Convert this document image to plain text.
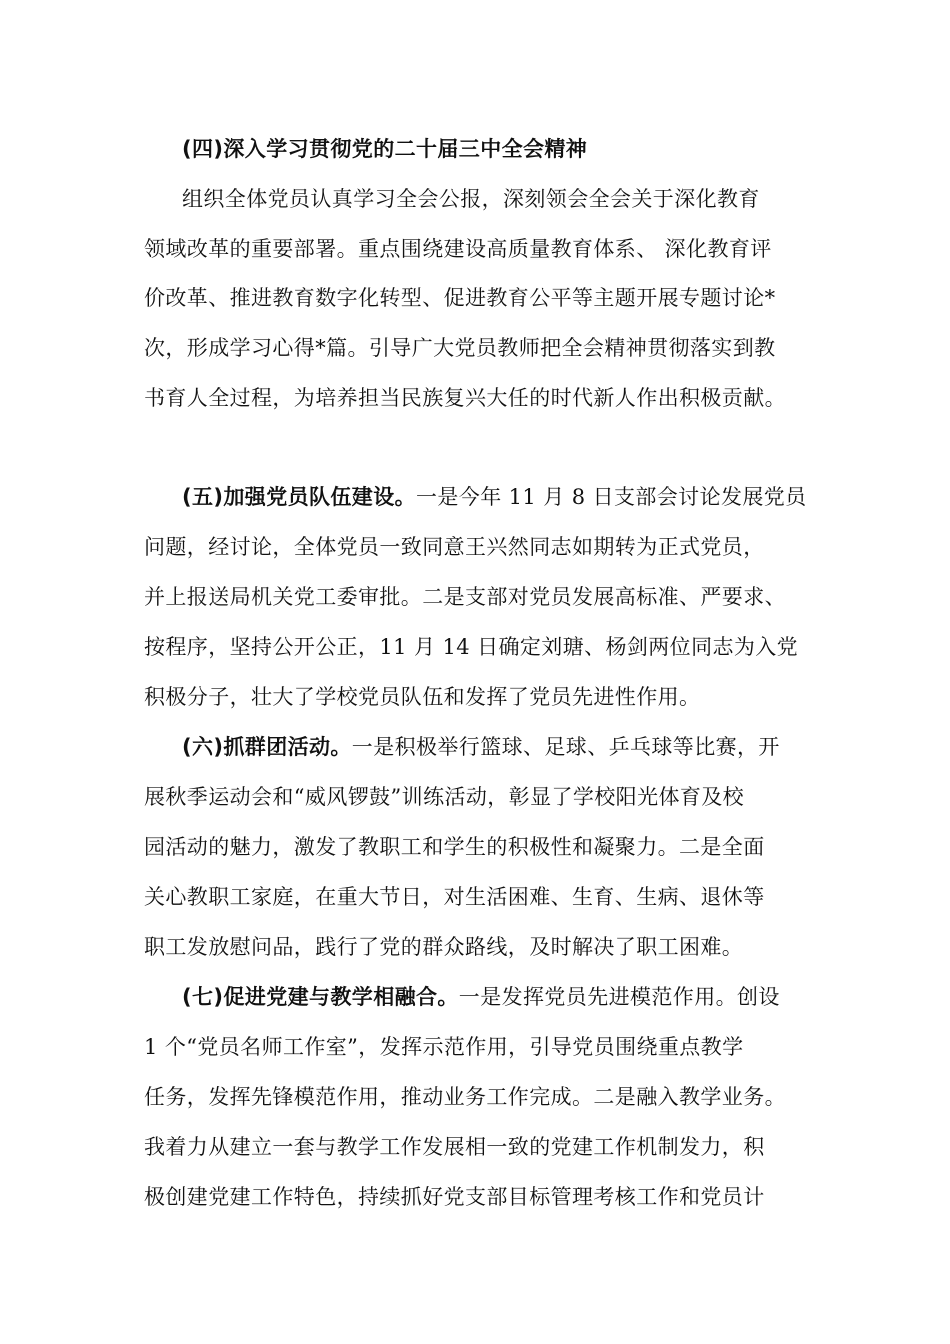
(四)深入学习贯彻党的二十届三中全会精神
组织全体党员认真学习全会公报，深刻领会全会关于深化教育
领域改革的重要部署。重点围绕建设高质量教育体系、 深化教育评
价改革、推进教育数字化转型、促进教育公平等主题开展专题讨论*
次，形成学习心得*篇。引导广大党员教师把全会精神贯彻落实到教
书育人全过程，为培养担当民族复兴大任的时代新人作出积极贡献。
(五)加强党员队伍建设。一是今年 11 月 8 日支部会讨论发展党员
问题，经讨论，全体党员一致同意王兴然同志如期转为正式党员，
并上报送局机关党工委审批。二是支部对党员发展高标准、严要求、
按程序，坚持公开公正，11 月 14 日确定刘瑭、杨剑两位同志为入党
积极分子，壮大了学校党员队伍和发挥了党员先进性作用。
(六)抓群团活动。一是积极举行篮球、足球、乒乓球等比赛，开
展秋季运动会和“威风锣鼓”训练活动，彰显了学校阳光体育及校
园活动的魅力，激发了教职工和学生的积极性和凝聚力。二是全面
关心教职工家庭，在重大节日，对生活困难、生育、生病、退休等
职工发放慰问品，践行了党的群众路线，及时解决了职工困难。
(七)促进党建与教学相融合。一是发挥党员先进模范作用。创设
1 个“党员名师工作室”，发挥示范作用，引导党员围绕重点教学
任务，发挥先锋模范作用，推动业务工作完成。二是融入教学业务。
我着力从建立一套与教学工作发展相一致的党建工作机制发力，积
极创建党建工作特色，持续抓好党支部目标管理考核工作和党员计
